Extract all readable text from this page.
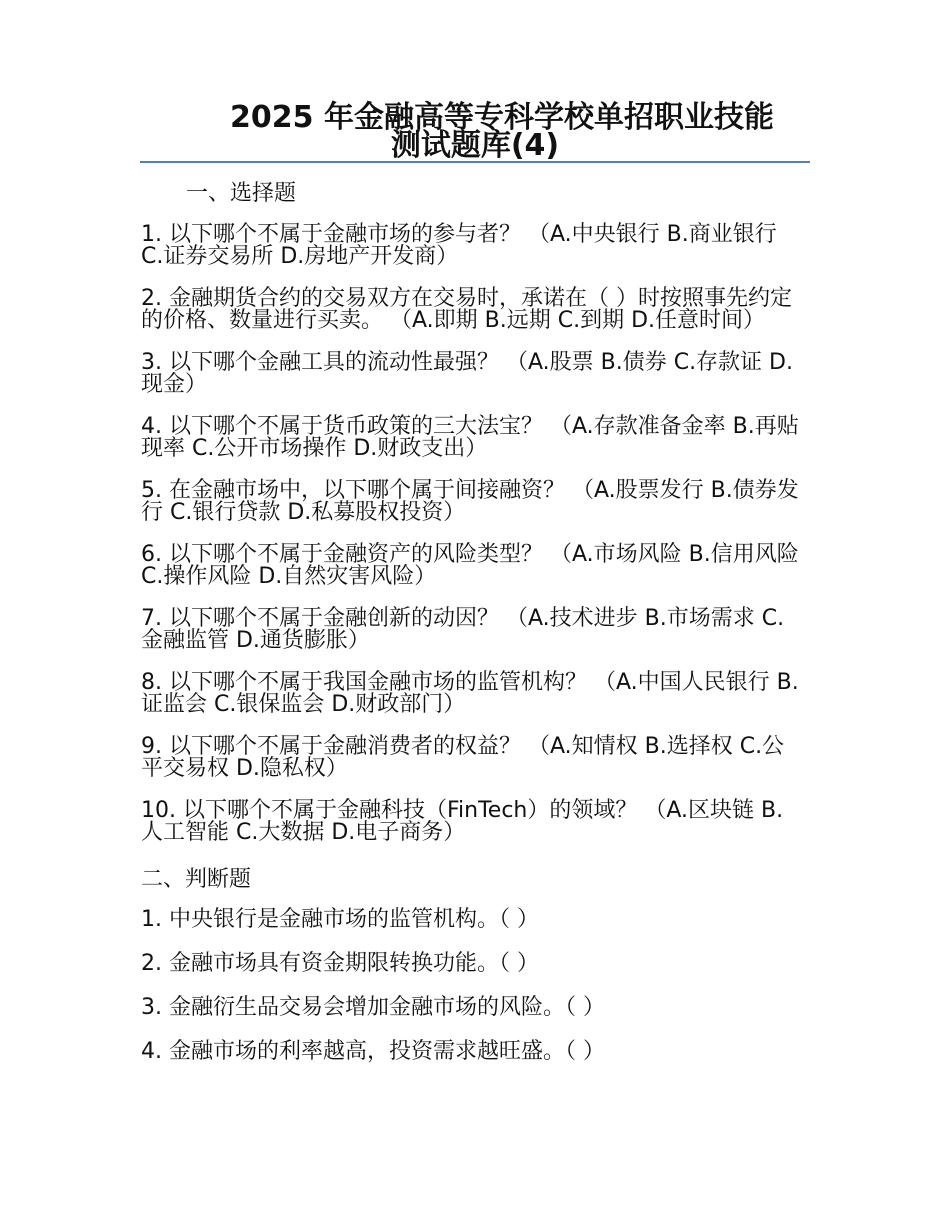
2025 年金融高等专科学校单招职业技能
测试题库(4)
一、选择题
1. 以下哪个不属于金融市场的参与者？ （A.中央银行 B.商业银行 C.证券交易所 D.房地产开发商）
2. 金融期货合约的交易双方在交易时，承诺在（ ）时按照事先约定的价格、数量进行买卖。 （A.即期 B.远期 C.到期 D.任意时间）
3. 以下哪个金融工具的流动性最强？ （A.股票 B.债券 C.存款证 D.现金）
4. 以下哪个不属于货币政策的三大法宝？ （A.存款准备金率 B.再贴现率 C.公开市场操作 D.财政支出）
5. 在金融市场中，以下哪个属于间接融资？ （A.股票发行 B.债券发行 C.银行贷款 D.私募股权投资）
6. 以下哪个不属于金融资产的风险类型？ （A.市场风险 B.信用风险 C.操作风险 D.自然灾害风险）
7. 以下哪个不属于金融创新的动因？ （A.技术进步 B.市场需求 C.金融监管 D.通货膨胀）
8. 以下哪个不属于我国金融市场的监管机构？ （A.中国人民银行 B.证监会 C.银保监会 D.财政部门）
9. 以下哪个不属于金融消费者的权益？ （A.知情权 B.选择权 C.公平交易权 D.隐私权）
10. 以下哪个不属于金融科技（FinTech）的领域？ （A.区块链 B.人工智能 C.大数据 D.电子商务）
二、判断题
1. 中央银行是金融市场的监管机构。（ ）
2. 金融市场具有资金期限转换功能。（ ）
3. 金融衍生品交易会增加金融市场的风险。（ ）
4. 金融市场的利率越高，投资需求越旺盛。（ ）
